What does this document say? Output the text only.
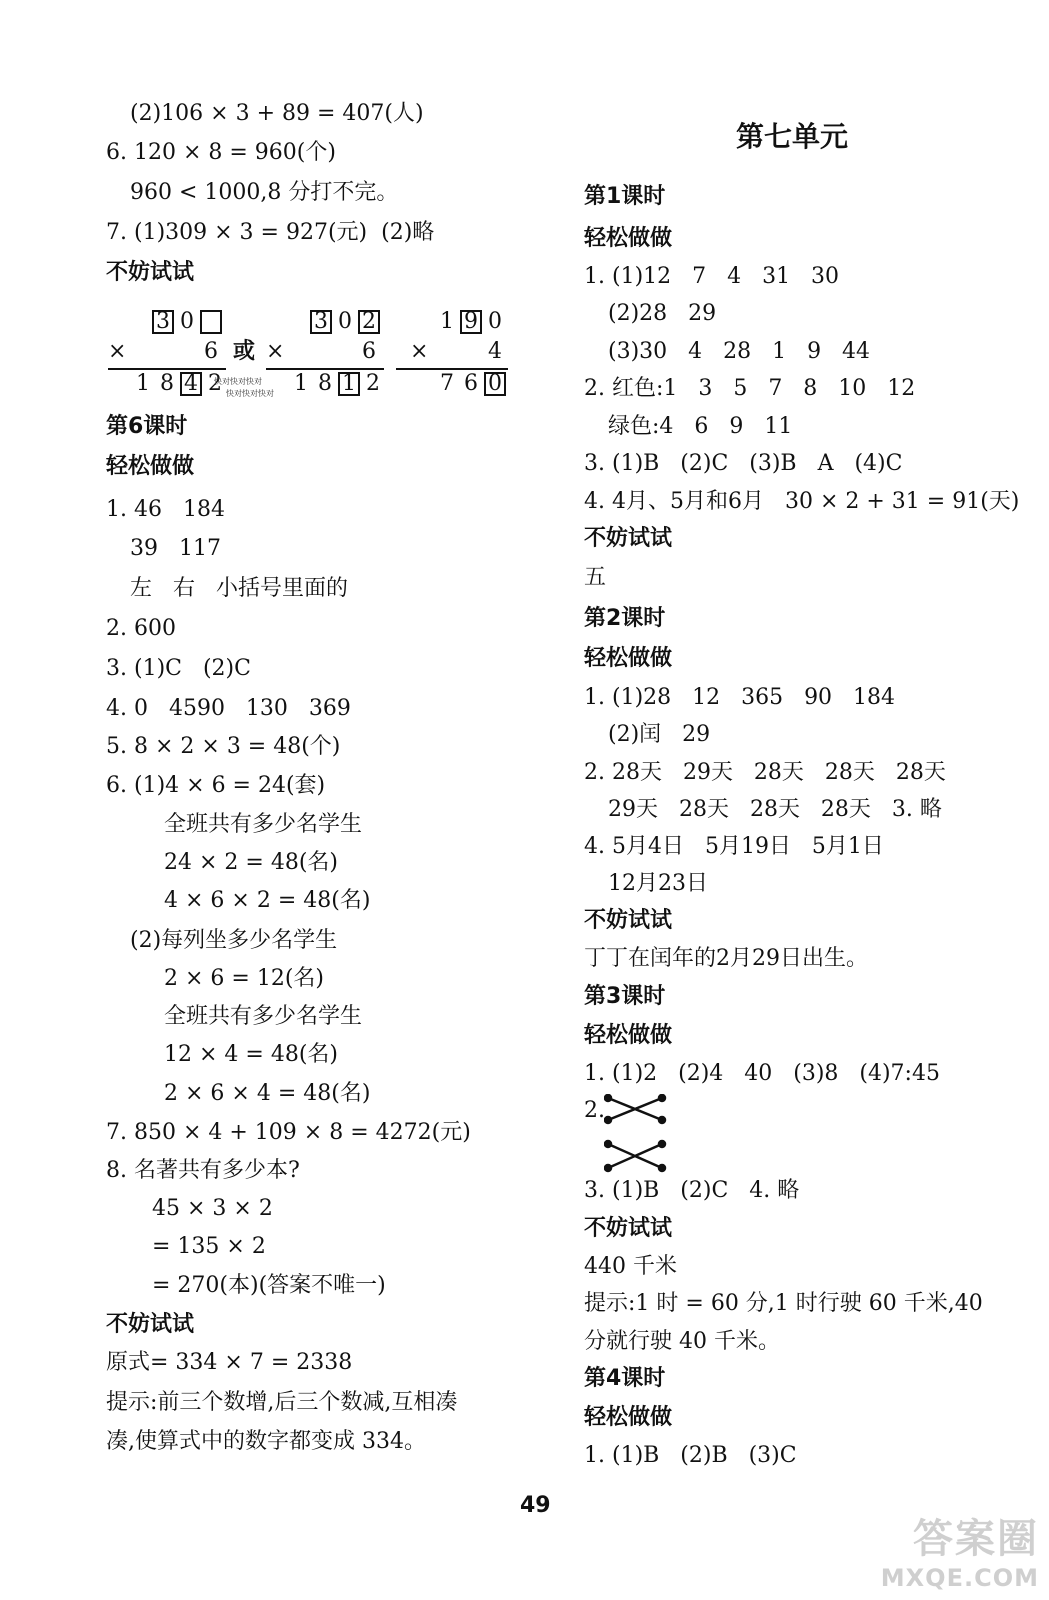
(2)106 × 3 + 89 = 407(人)
6. 120 × 8 = 960(个)
960 < 1000,8 分打不完。
7. (1)309 × 3 = 927(元)  (2)略
不妨试试
第6课时
轻松做做
1. 46   184
39   117
左   右   小括号里面的
2. 600
3. (1)C   (2)C
4. 0   4590   130   369
5. 8 × 2 × 3 = 48(个)
6. (1)4 × 6 = 24(套)
全班共有多少名学生
24 × 2 = 48(名)
4 × 6 × 2 = 48(名)
(2)每列坐多少名学生
2 × 6 = 12(名)
全班共有多少名学生
12 × 4 = 48(名)
2 × 6 × 4 = 48(名)
7. 850 × 4 + 109 × 8 = 4272(元)
8. 名著共有多少本?
45 × 3 × 2
= 135 × 2
= 270(本)(答案不唯一)
不妨试试
原式= 334 × 7 = 2338
提示:前三个数增,后三个数减,互相凑
凑,使算式中的数字都变成 334。
第七单元
第1课时
轻松做做
1. (1)12   7   4   31   30
(2)28   29
(3)30   4   28   1   9   44
2. 红色:1   3   5   7   8   10   12
绿色:4   6   9   11
3. (1)B   (2)C   (3)B   A   (4)C
4. 4月、5月和6月   30 × 2 + 31 = 91(天)
不妨试试
五
第2课时
轻松做做
1. (1)28   12   365   90   184
(2)闰   29
2. 28天   29天   28天   28天   28天
29天   28天   28天   28天   3. 略
4. 5月4日   5月19日   5月1日
12月23日
不妨试试
丁丁在闰年的2月29日出生。
第3课时
轻松做做
1. (1)2   (2)4   40   (3)8   (4)7:45
2.
3. (1)B   (2)C   4. 略
不妨试试
440 千米
提示:1 时 = 60 分,1 时行驶 60 千米,40
分就行驶 40 千米。
第4课时
轻松做做
1. (1)B   (2)B   (3)C
3 0
×	6
1 8 4 2
或
快对快对快对
快对快对快对
3 0 2
×	6
1 8 1 2
1 9 0
×	4
7 6 0
49
答案圈
MXQE.COM
